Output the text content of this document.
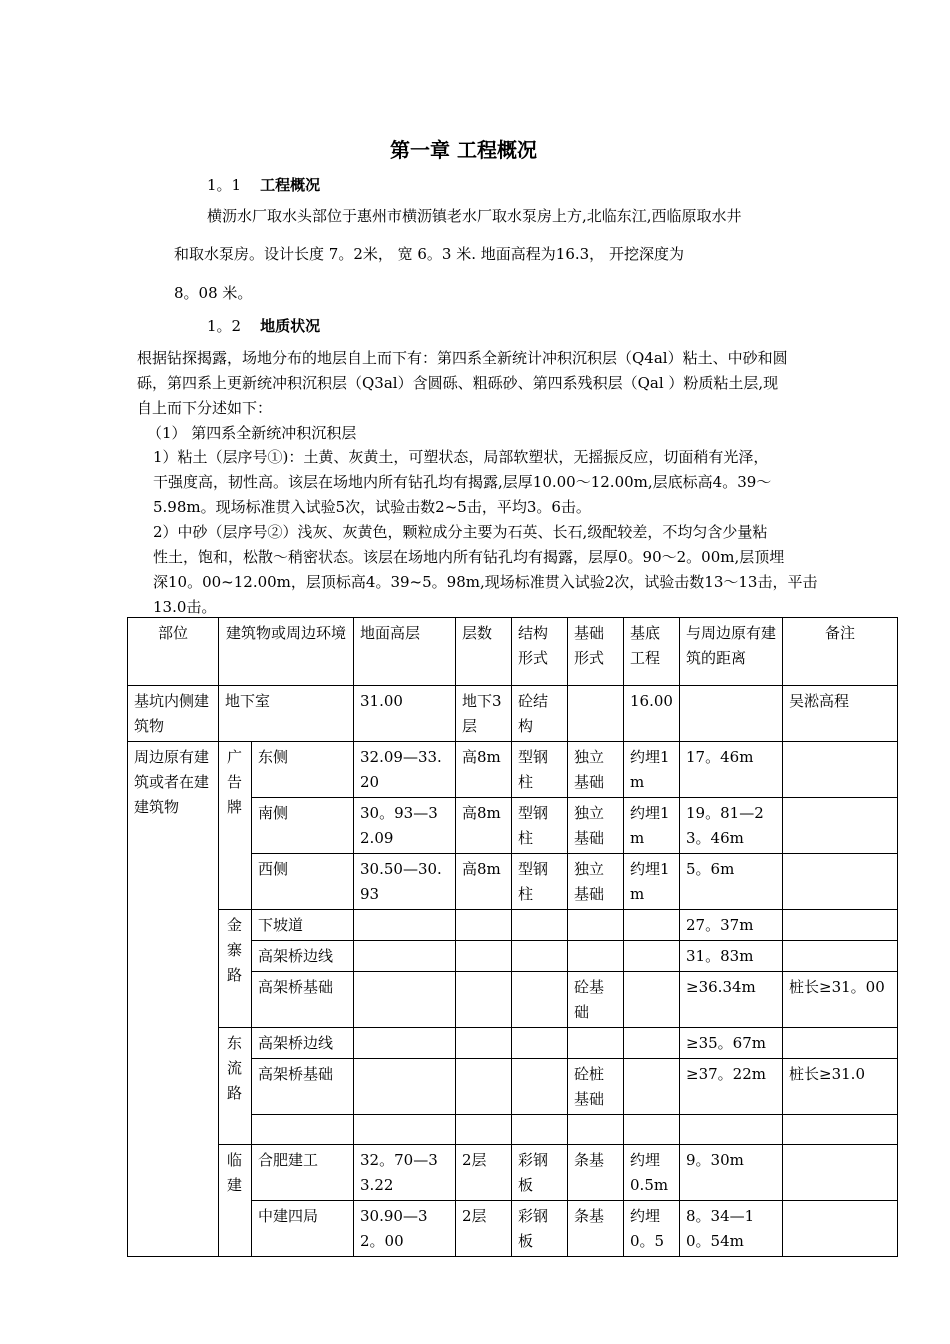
第一章 工程概况
1。1 工程概况
横沥水厂取水头部位于惠州市横沥镇老水厂取水泵房上方,北临东江,西临原取水井
和取水泵房。设计长度 7。2米， 宽 6。3 米. 地面高程为16.3， 开挖深度为
8。08 米。
1。2 地质状况
根据钻探揭露，场地分布的地层自上而下有：第四系全新统计冲积沉积层（Q4al）粘土、中砂和圆
砾，第四系上更新统冲积沉积层（Q3al）含圆砾、粗砾砂、第四系残积层（Qal ）粉质粘土层,现
自上而下分述如下：
（1） 第四系全新统冲积沉积层
1）粘土（层序号①)：土黄、灰黄土，可塑状态，局部软塑状，无摇振反应，切面稍有光泽，
干强度高，韧性高。该层在场地内所有钻孔均有揭露,层厚10.00～12.00m,层底标高4。39～
5.98m。现场标准贯入试验5次，试验击数2~5击，平均3。6击。
2）中砂（层序号②）浅灰、灰黄色，颗粒成分主要为石英、长石,级配较差，不均匀含少量粘
性土，饱和，松散～稍密状态。该层在场地内所有钻孔均有揭露，层厚0。90～2。00m,层顶埋
深10。00~12.00m，层顶标高4。39~5。98m,现场标准贯入试验2次，试验击数13～13击，平击
13.0击。
部位	建筑物或周边环境		地面高层	层数	结构形式	基础形式	基底工程	与周边原有建筑的距离	备注
基坑内侧建筑物	地下室		31.00	地下3层	砼结构		16.00		吴淞高程
周边原有建筑或者在建建筑物	广告牌	东侧	32.09—33.20	高8m	型钢柱	独立基础	约埋1m	17。46m	
		南侧	30。93—32.09	高8m	型钢柱	独立基础	约埋1m	19。81—23。46m	
		西侧	30.50—30.93	高8m	型钢柱	独立基础	约埋1m	5。6m	
	金寨路	下坡道						27。37m	
		高架桥边线						31。83m	
		高架桥基础				砼基础		≥36.34m	桩长≥31。00
	东流路	高架桥边线						≥35。67m	
		高架桥基础				砼桩基础		≥37。22m	桩长≥31.0

	临建	合肥建工	32。70—33.22	2层	彩钢板	条基	约埋0.5m	9。30m	
		中建四局	30.90—32。00	2层	彩钢板	条基	约埋0。5	8。34—10。54m	
